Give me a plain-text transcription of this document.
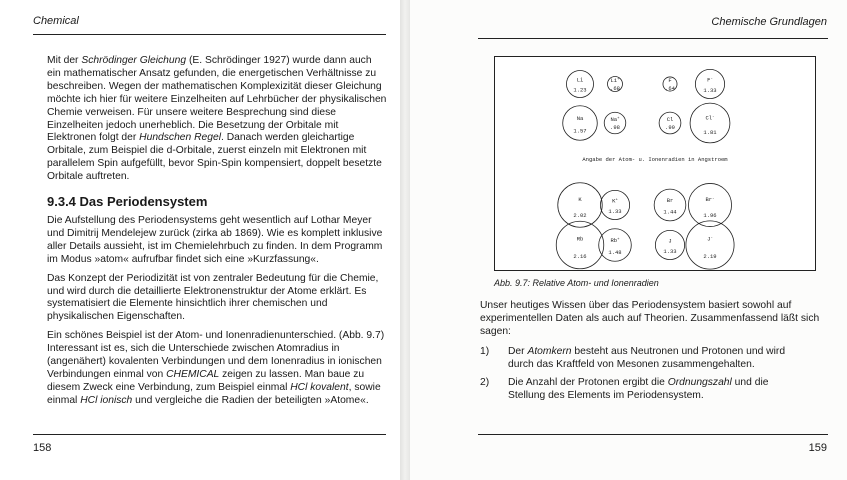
Chemical

Mit der Schrödinger Gleichung (E. Schrödinger 1927) wurde dann auch ein mathematischer Ansatz gefunden, die energetischen Verhältnisse zu beschreiben. Wegen der mathematischen Komplexizität dieser Gleichung möchte ich hier für weitere Einzelheiten auf Lehrbücher der physikalischen Chemie verweisen. Für unsere weitere Besprechung sind diese Einzelheiten jedoch unerheblich. Die Besetzung der Orbitale mit Elektronen folgt der Hundschen Regel. Danach werden gleichartige Orbitale, zum Beispiel die d-Orbitale, zuerst einzeln mit Elektronen mit parallelem Spin aufgefüllt, bevor Spin-Spin kompensiert, doppelt besetzte Orbitale auftreten.

9.3.4 Das Periodensystem

Die Aufstellung des Periodensystems geht wesentlich auf Lothar Meyer und Dimitrij Mendelejew zurück (zirka ab 1869). Wie es komplett inklusive aller Details aussieht, ist im Chemielehrbuch zu finden. In dem Programm im Modus »atom« aufrufbar findet sich eine »Kurzfassung«.

Das Konzept der Periodizität ist von zentraler Bedeutung für die Chemie, und wird durch die detaillierte Elektronenstruktur der Atome erklärt. Es systematisiert die Elemente hinsichtlich ihrer chemischen und physikalischen Eigenschaften.

Ein schönes Beispiel ist der Atom- und Ionenradienunterschied. (Abb. 9.7) Interessant ist es, sich die Unterschiede zwischen Atomradius in (angenähert) kovalenten Verbindungen und dem Ionenradius in ionischen Verbindungen einmal von CHEMICAL zeigen zu lassen. Man baue zu diesem Zweck eine Verbindung, zum Beispiel einmal HCl kovalent, sowie einmal HCl ionisch und vergleiche die Radien der beteiligten »Atome«.

158
Chemische Grundlagen
Angabe der Atom- u. Ionenradien in Angstroem
Li
1.23
Li+
.68
F
.64
F-
1.33
Na
1.57
Na+
.98
Cl
.99
Cl-
1.81
K
2.02
K+
1.33
Br
1.44
Br-
1.96
Rb
2.16
Rb+
1.48
J
1.33
J-
2.19
Abb. 9.7: Relative Atom- und Ionenradien

Unser heutiges Wissen über das Periodensystem basiert sowohl auf experimentellen Daten als auch auf Theorien. Zusammenfassend läßt sich sagen:

1) Der Atomkern besteht aus Neutronen und Protonen und wird durch das Kraftfeld von Mesonen zusammengehalten.
2) Die Anzahl der Protonen ergibt die Ordnungszahl und die Stellung des Elements im Periodensystem.
159
